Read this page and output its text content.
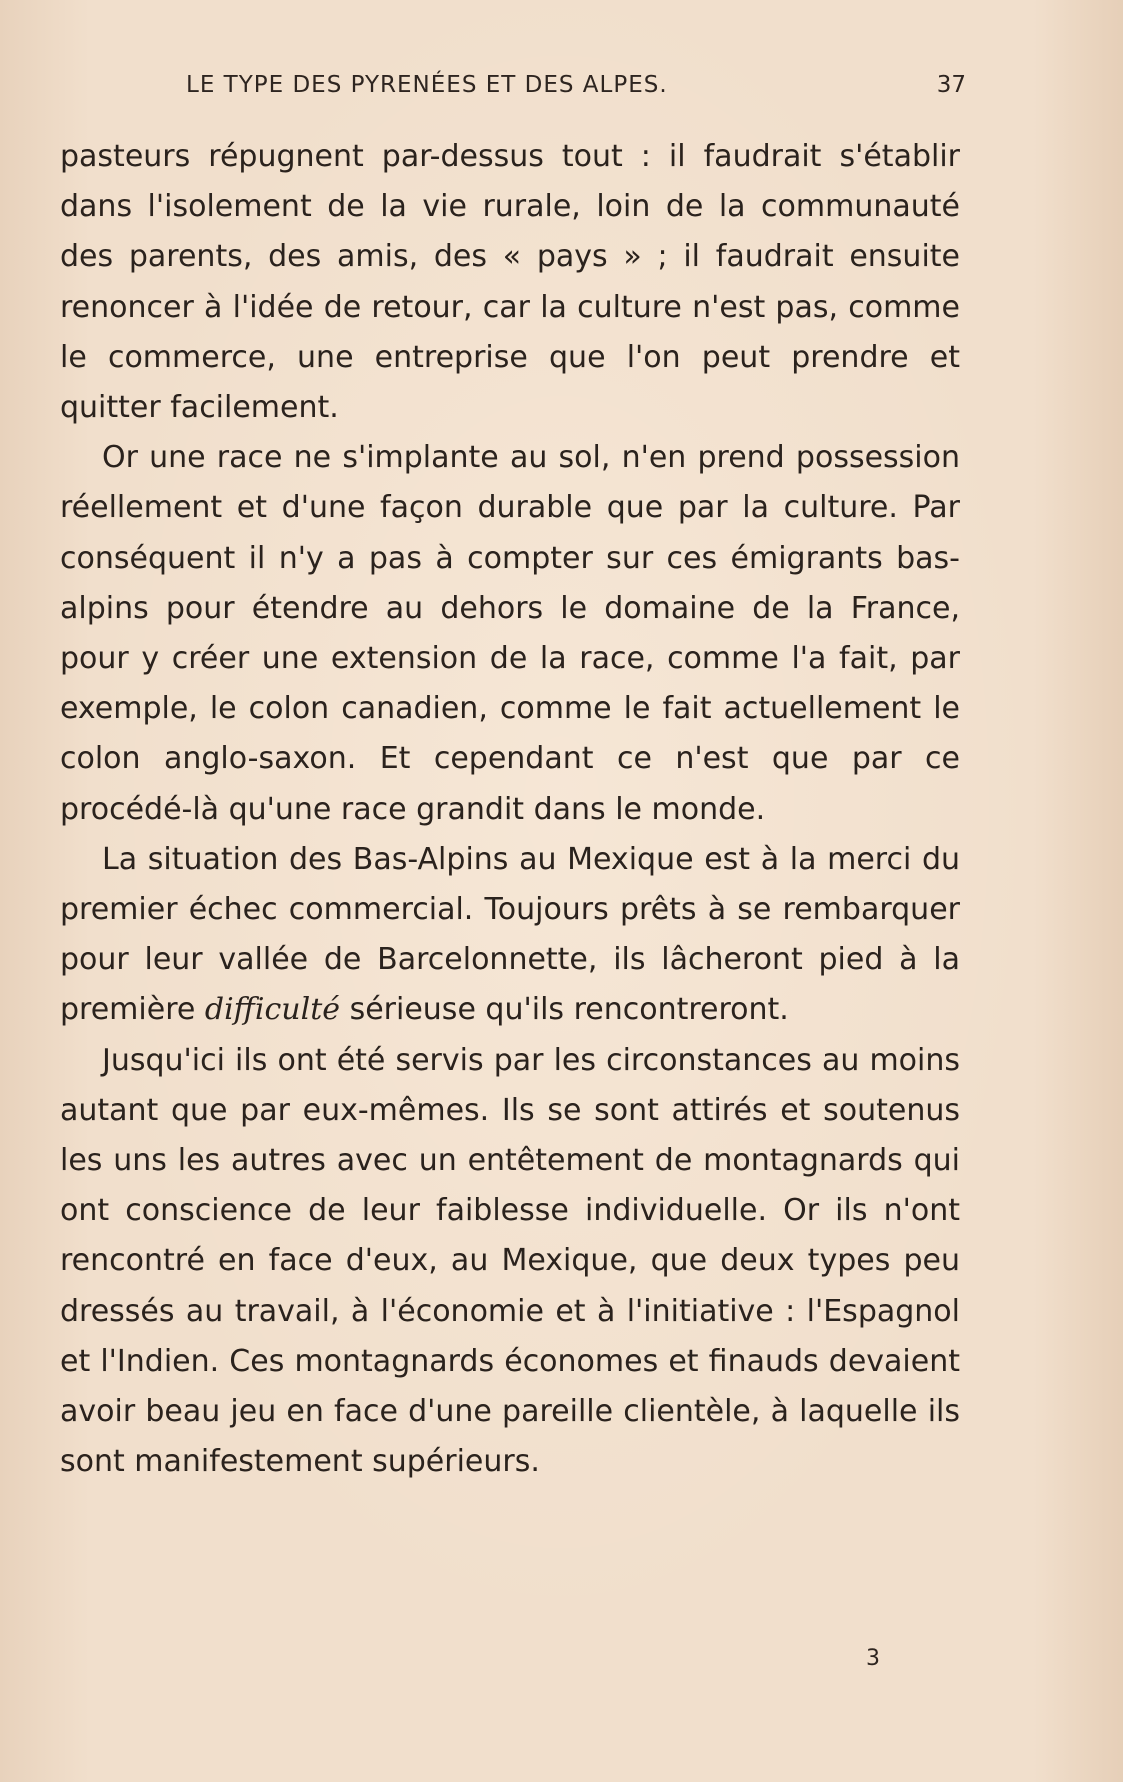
LE TYPE DES PYRENÉES ET DES ALPES.	37

pasteurs répugnent par-dessus tout : il faudrait s'établir dans l'isolement de la vie rurale, loin de la communauté des parents, des amis, des « pays » ; il faudrait ensuite renoncer à l'idée de retour, car la culture n'est pas, comme le commerce, une entreprise que l'on peut prendre et quitter facilement.

Or une race ne s'implante au sol, n'en prend possession réellement et d'une façon durable que par la culture. Par conséquent il n'y a pas à compter sur ces émigrants bas-alpins pour étendre au dehors le domaine de la France, pour y créer une extension de la race, comme l'a fait, par exemple, le colon canadien, comme le fait actuellement le colon anglo-saxon. Et cependant ce n'est que par ce procédé-là qu'une race grandit dans le monde.

La situation des Bas-Alpins au Mexique est à la merci du premier échec commercial. Toujours prêts à se rembarquer pour leur vallée de Barcelonnette, ils lâcheront pied à la première difficulté sérieuse qu'ils rencontreront.

Jusqu'ici ils ont été servis par les circonstances au moins autant que par eux-mêmes. Ils se sont attirés et soutenus les uns les autres avec un entêtement de montagnards qui ont conscience de leur faiblesse individuelle. Or ils n'ont rencontré en face d'eux, au Mexique, que deux types peu dressés au travail, à l'économie et à l'initiative : l'Espagnol et l'Indien. Ces montagnards économes et finauds devaient avoir beau jeu en face d'une pareille clientèle, à laquelle ils sont manifestement supérieurs.

3
